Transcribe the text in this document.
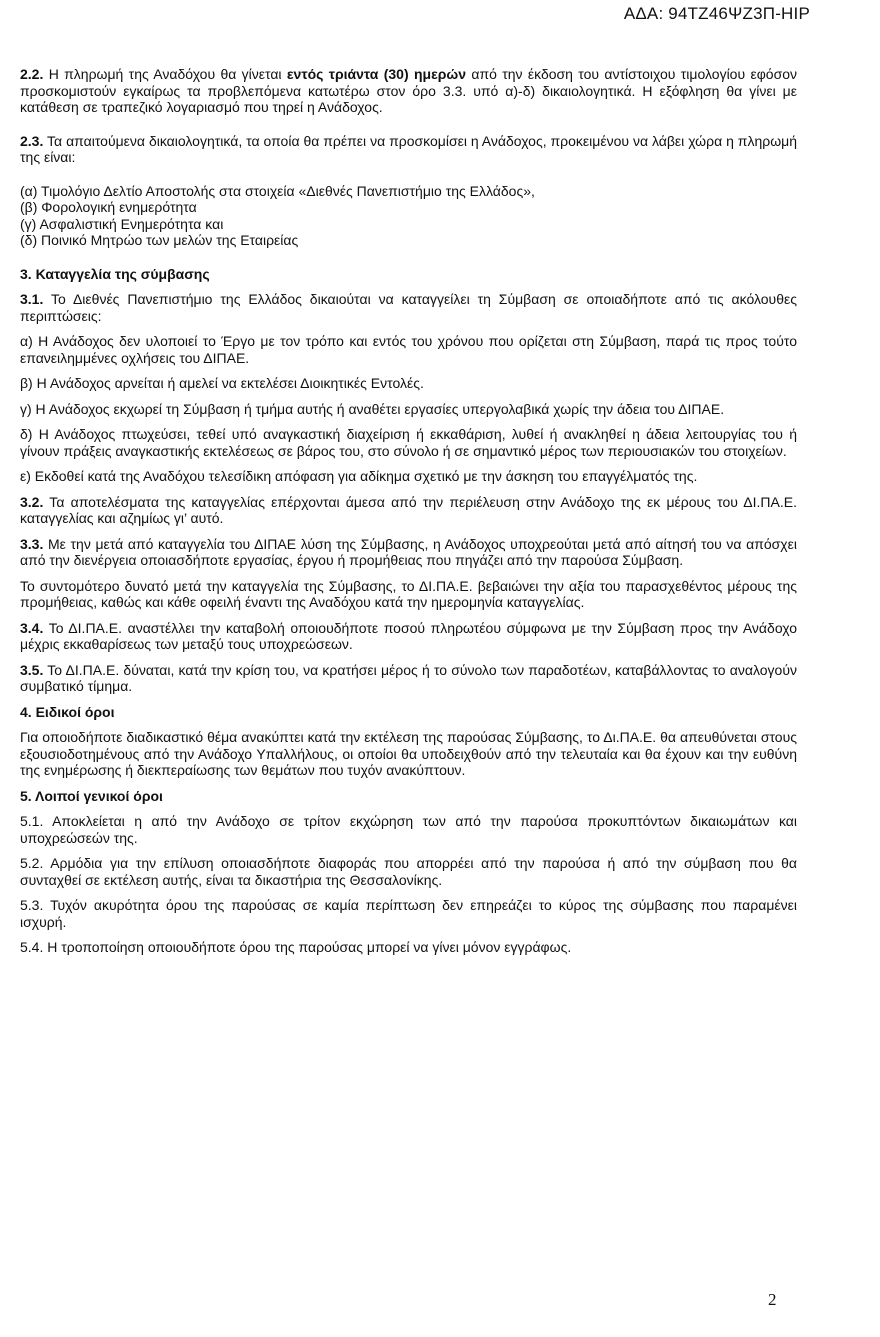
ΑΔΑ: 94ΤΖ46ΨΖ3Π-ΗΙΡ

2.2. Η πληρωμή της Αναδόχου θα γίνεται εντός τριάντα (30) ημερών από την έκδοση του αντίστοιχου τιμολογίου εφόσον προσκομιστούν εγκαίρως τα προβλεπόμενα κατωτέρω στον όρο 3.3. υπό α)-δ) δικαιολογητικά. Η εξόφληση θα γίνει με κατάθεση σε τραπεζικό λογαριασμό που τηρεί η Ανάδοχος.

2.3. Τα απαιτούμενα δικαιολογητικά, τα οποία θα πρέπει να προσκομίσει η Ανάδοχος, προκειμένου να λάβει χώρα η πληρωμή της είναι:

(α) Τιμολόγιο Δελτίο Αποστολής στα στοιχεία «Διεθνές Πανεπιστήμιο της Ελλάδος»,
(β) Φορολογική ενημερότητα
(γ) Ασφαλιστική Ενημερότητα και
(δ) Ποινικό Μητρώο των μελών της Εταιρείας
3. Καταγγελία της σύμβασης

3.1. Το Διεθνές Πανεπιστήμιο της Ελλάδος δικαιούται να καταγγείλει τη Σύμβαση σε οποιαδήποτε από τις ακόλουθες περιπτώσεις:

α) Η Ανάδοχος δεν υλοποιεί το Έργο με τον τρόπο και εντός του χρόνου που ορίζεται στη Σύμβαση, παρά τις προς τούτο επανειλημμένες οχλήσεις του ΔΙΠΑΕ.

β) Η Ανάδοχος αρνείται ή αμελεί να εκτελέσει Διοικητικές Εντολές.

γ) Η Ανάδοχος εκχωρεί τη Σύμβαση ή τμήμα αυτής ή αναθέτει εργασίες υπεργολαβικά χωρίς την άδεια του ΔΙΠΑΕ.

δ) Η Ανάδοχος πτωχεύσει, τεθεί υπό αναγκαστική διαχείριση ή εκκαθάριση, λυθεί ή ανακληθεί η άδεια λειτουργίας του ή γίνουν πράξεις αναγκαστικής εκτελέσεως σε βάρος του, στο σύνολο ή σε σημαντικό μέρος των περιουσιακών του στοιχείων.

ε) Εκδοθεί κατά της Αναδόχου τελεσίδικη απόφαση για αδίκημα σχετικό με την άσκηση του επαγγέλματός της.

3.2. Τα αποτελέσματα της καταγγελίας επέρχονται άμεσα από την περιέλευση στην Ανάδοχο της εκ μέρους του ΔΙ.ΠΑ.Ε. καταγγελίας και αζημίως γι’ αυτό.

3.3. Με την μετά από καταγγελία του ΔΙΠΑΕ λύση της Σύμβασης, η Ανάδοχος υποχρεούται μετά από αίτησή του να απόσχει από την διενέργεια οποιασδήποτε εργασίας, έργου ή προμήθειας που πηγάζει από την παρούσα Σύμβαση.

Το συντομότερο δυνατό μετά την καταγγελία της Σύμβασης, το ΔΙ.ΠΑ.Ε. βεβαιώνει την αξία του παρασχεθέντος μέρους της προμήθειας, καθώς και κάθε οφειλή έναντι της Αναδόχου κατά την ημερομηνία καταγγελίας.

3.4. Το ΔΙ.ΠΑ.Ε. αναστέλλει την καταβολή οποιουδήποτε ποσού πληρωτέου σύμφωνα με την Σύμβαση προς την Ανάδοχο μέχρις εκκαθαρίσεως των μεταξύ τους υποχρεώσεων.

3.5. Το ΔΙ.ΠΑ.Ε. δύναται, κατά την κρίση του, να κρατήσει μέρος ή το σύνολο των παραδοτέων, καταβάλλοντας το αναλογούν συμβατικό τίμημα.

4. Ειδικοί όροι

Για οποιοδήποτε διαδικαστικό θέμα ανακύπτει κατά την εκτέλεση της παρούσας Σύμβασης, το Δι.ΠΑ.Ε. θα απευθύνεται στους εξουσιοδοτημένους από την Ανάδοχο Υπαλλήλους, οι οποίοι θα υποδειχθούν από την τελευταία και θα έχουν και την ευθύνη της ενημέρωσης ή διεκπεραίωσης των θεμάτων που τυχόν ανακύπτουν.

5. Λοιποί γενικοί όροι

5.1. Αποκλείεται η από την Ανάδοχο σε τρίτον εκχώρηση των από την παρούσα προκυπτόντων δικαιωμάτων και υποχρεώσεών της.

5.2. Αρμόδια για την επίλυση οποιασδήποτε διαφοράς που απορρέει από την παρούσα ή από την σύμβαση που θα συνταχθεί σε εκτέλεση αυτής, είναι τα δικαστήρια της Θεσσαλονίκης.

5.3. Τυχόν ακυρότητα όρου της παρούσας σε καμία περίπτωση δεν επηρεάζει το κύρος της σύμβασης που παραμένει ισχυρή.

5.4. Η τροποποίηση οποιουδήποτε όρου της παρούσας μπορεί να γίνει μόνον εγγράφως.

2
